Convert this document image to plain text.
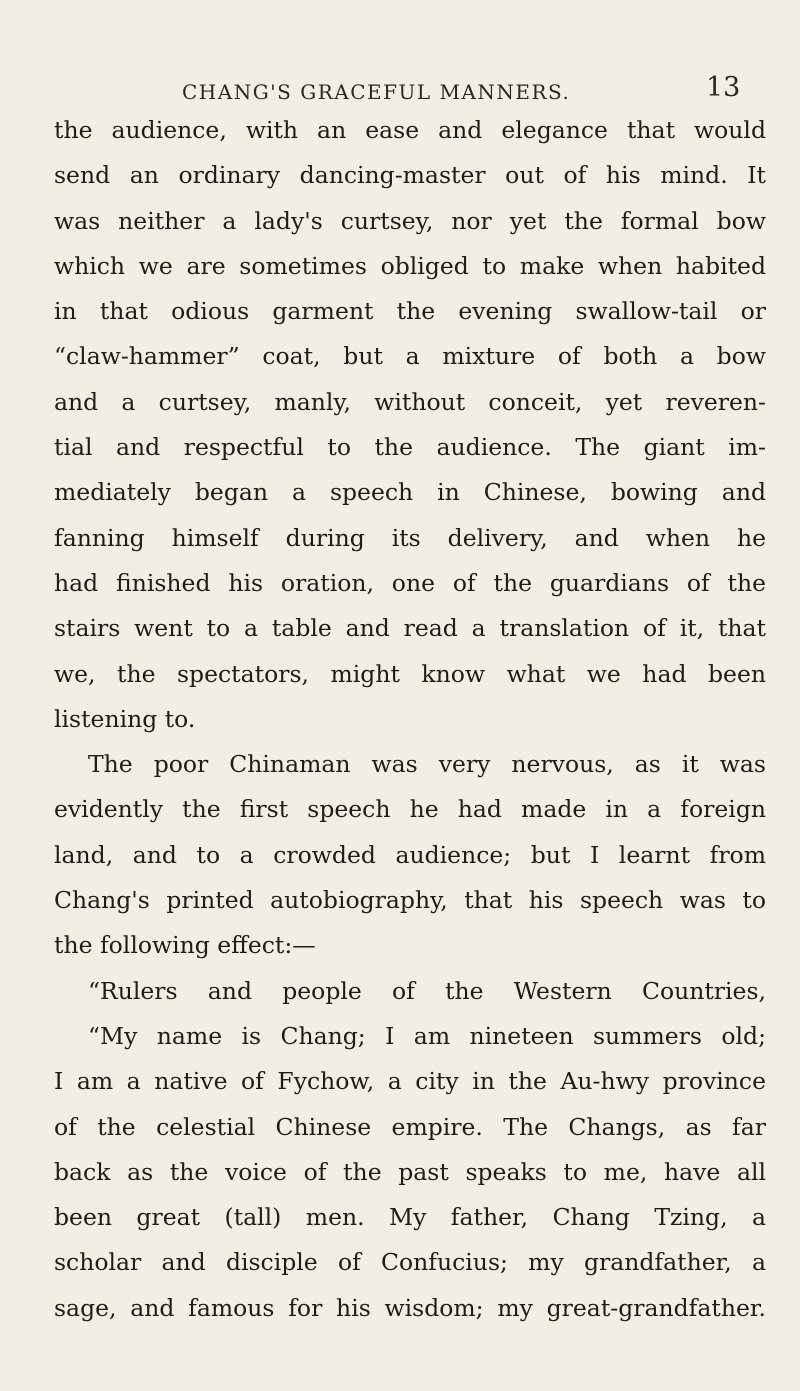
CHANG'S GRACEFUL MANNERS.	13
the audience, with an ease and elegance that would
send an ordinary dancing-master out of his mind. It
was neither a lady's curtsey, nor yet the formal bow
which we are sometimes obliged to make when habited
in that odious garment the evening swallow-tail or
“claw-hammer” coat, but a mixture of both a bow
and a curtsey, manly, without conceit, yet reveren-
tial and respectful to the audience. The giant im-
mediately began a speech in Chinese, bowing and
fanning himself during its delivery, and when he
had finished his oration, one of the guardians of the
stairs went to a table and read a translation of it, that
we, the spectators, might know what we had been
listening to.
The poor Chinaman was very nervous, as it was
evidently the first speech he had made in a foreign
land, and to a crowded audience; but I learnt from
Chang's printed autobiography, that his speech was to
the following effect:—
“Rulers and people of the Western Countries,
“My name is Chang; I am nineteen summers old;
I am a native of Fychow, a city in the Au-hwy province
of the celestial Chinese empire. The Changs, as far
back as the voice of the past speaks to me, have all
been great (tall) men. My father, Chang Tzing, a
scholar and disciple of Confucius; my grandfather, a
sage, and famous for his wisdom; my great-grandfather.
